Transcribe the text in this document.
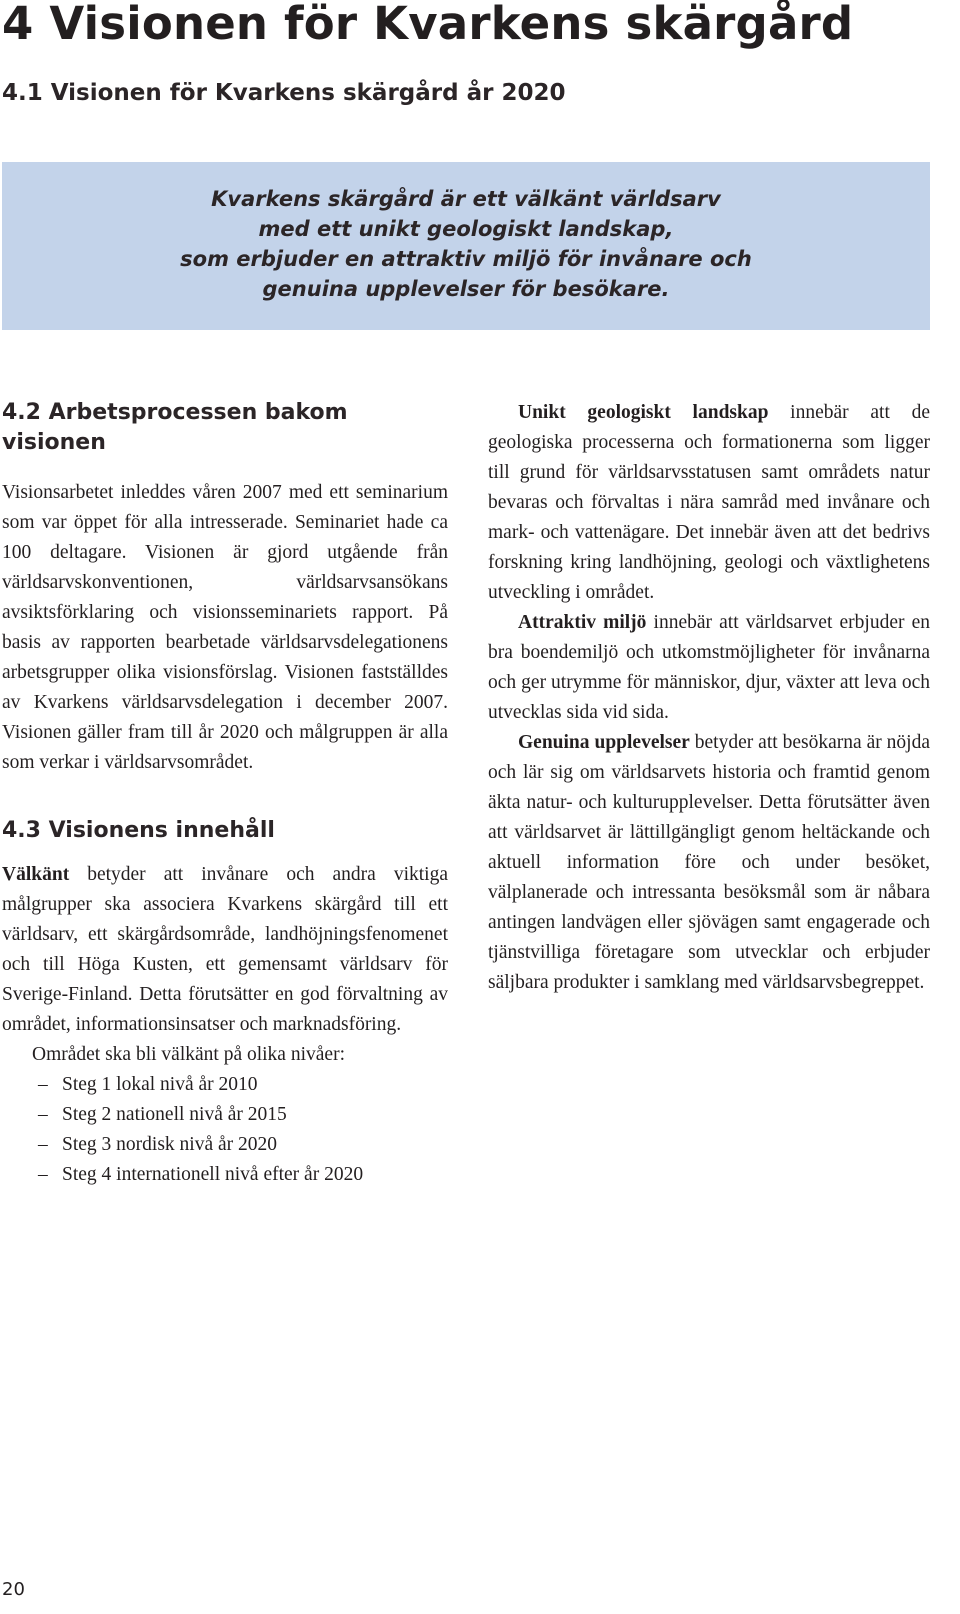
4 Visionen för Kvarkens skärgård
4.1 Visionen för Kvarkens skärgård år 2020
Kvarkens skärgård är ett välkänt världsarv
med ett unikt geologiskt landskap,
som erbjuder en attraktiv miljö för invånare och
genuina upplevelser för besökare.
4.2 Arbetsprocessen bakom visionen

Visionsarbetet inleddes våren 2007 med ett seminarium som var öppet för alla intresserade. Seminariet hade ca 100 deltagare. Visionen är gjord utgående från världsarvskonventionen, världsarvsansökans avsiktsförklaring och visionsseminariets rapport. På basis av rapporten bearbetade världsarvsdelegationens arbetsgrupper olika visionsförslag. Visionen fastställdes av Kvarkens världsarvsdelegation i december 2007. Visionen gäller fram till år 2020 och målgruppen är alla som verkar i världsarvsområdet.

4.3 Visionens innehåll

Välkänt betyder att invånare och andra viktiga målgrupper ska associera Kvarkens skärgård till ett världsarv, ett skärgårdsområde, landhöjningsfenomenet och till Höga Kusten, ett gemensamt världsarv för Sverige-Finland. Detta förutsätter en god förvaltning av området, informationsinsatser och marknadsföring.

Området ska bli välkänt på olika nivåer:

– Steg 1 lokal nivå år 2010
– Steg 2 nationell nivå år 2015
– Steg 3 nordisk nivå år 2020
– Steg 4 internationell nivå efter år 2020

Unikt geologiskt landskap innebär att de geologiska processerna och formationerna som ligger till grund för världsarvsstatusen samt områdets natur bevaras och förvaltas i nära samråd med invånare och mark- och vattenägare. Det innebär även att det bedrivs forskning kring landhöjning, geologi och växtlighetens utveckling i området.

Attraktiv miljö innebär att världsarvet erbjuder en bra boendemiljö och utkomstmöjligheter för invånarna och ger utrymme för människor, djur, växter att leva och utvecklas sida vid sida.

Genuina upplevelser betyder att besökarna är nöjda och lär sig om världsarvets historia och framtid genom äkta natur- och kulturupplevelser. Detta förutsätter även att världsarvet är lättillgängligt genom heltäckande och aktuell information före och under besöket, välplanerade och intressanta besöksmål som är nåbara antingen landvägen eller sjövägen samt engagerade och tjänstvilliga företagare som utvecklar och erbjuder säljbara produkter i samklang med världsarvsbegreppet.

20
